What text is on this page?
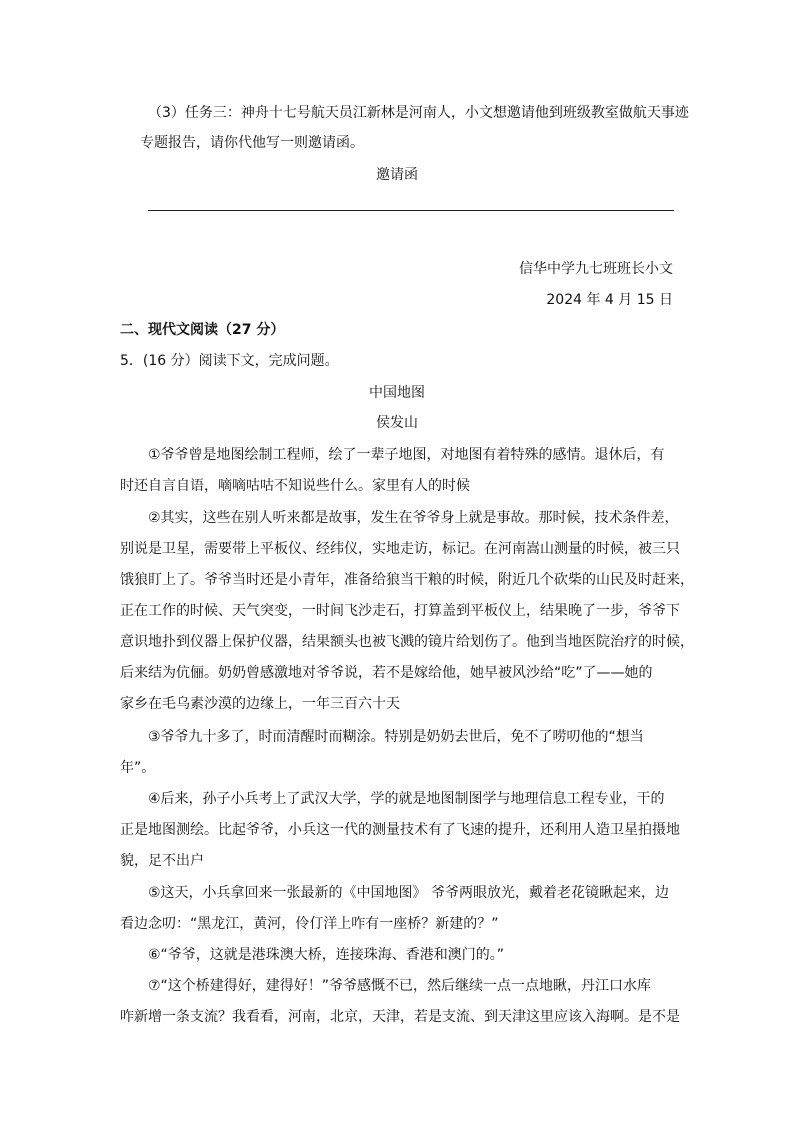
（3）任务三：神舟十七号航天员江新林是河南人，小文想邀请他到班级教室做航天事迹
专题报告，请你代他写一则邀请函。
邀请函
信华中学九七班班长小文
2024 年 4 月 15 日
二、现代文阅读（27 分）
5．(16 分）阅读下文，完成问题。
中国地图
侯发山
①爷爷曾是地图绘制工程师，绘了一辈子地图，对地图有着特殊的感情。退休后，有
时还自言自语，嘀嘀咕咕不知说些什么。家里有人的时候
②其实，这些在别人听来都是故事，发生在爷爷身上就是事故。那时候，技术条件差，
别说是卫星，需要带上平板仪、经纬仪，实地走访，标记。在河南嵩山测量的时候，被三只
饿狼盯上了。爷爷当时还是小青年，准备给狼当干粮的时候，附近几个砍柴的山民及时赶来，
正在工作的时候、天气突变，一时间飞沙走石，打算盖到平板仪上，结果晚了一步，爷爷下
意识地扑到仪器上保护仪器，结果额头也被飞溅的镜片给划伤了。他到当地医院治疗的时候，
后来结为伉俪。奶奶曾感激地对爷爷说，若不是嫁给他，她早被风沙给“吃”了——她的
家乡在毛乌素沙漠的边缘上，一年三百六十天
③爷爷九十多了，时而清醒时而糊涂。特别是奶奶去世后，免不了唠叨他的“想当
年”。
④后来，孙子小兵考上了武汉大学，学的就是地图制图学与地理信息工程专业，干的
正是地图测绘。比起爷爷，小兵这一代的测量技术有了飞速的提升，还利用人造卫星拍摄地
貌，足不出户
⑤这天，小兵拿回来一张最新的《中国地图》 爷爷两眼放光，戴着老花镜瞅起来，边
看边念叨：“黑龙江，黄河，伶仃洋上咋有一座桥？新建的？”
⑥“爷爷，这就是港珠澳大桥，连接珠海、香港和澳门的。”
⑦“这个桥建得好，建得好！”爷爷感慨不已，然后继续一点一点地瞅，丹江口水库
咋新增一条支流？我看看，河南，北京，天津，若是支流、到天津这里应该入海啊。是不是
